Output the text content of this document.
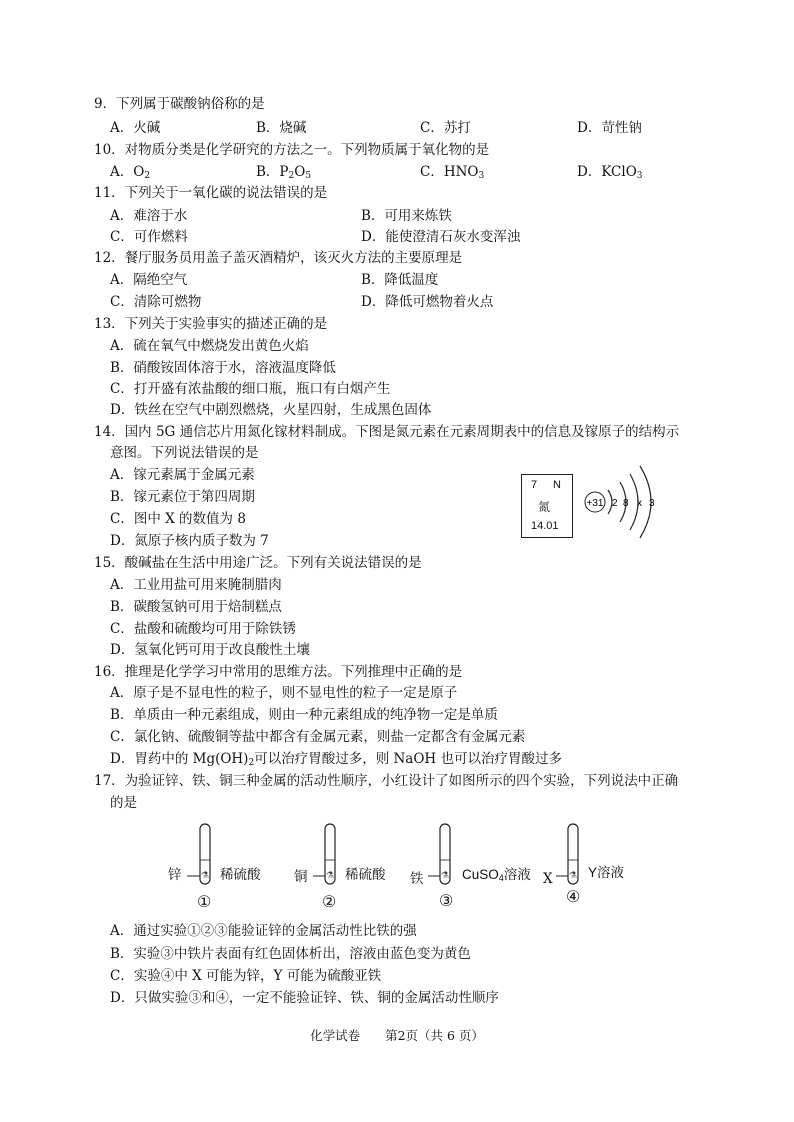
9．下列属于碳酸钠俗称的是
A．火碱	B．烧碱	C．苏打	D．苛性钠
10．对物质分类是化学研究的方法之一。下列物质属于氧化物的是
A．$O_2$	B．$P_2O_5$	C．$HNO_3$	D．KClO$_3$
11．下列关于一氧化碳的说法错误的是
A．难溶于水	B．可用来炼铁
C．可作燃料	D．能使澄清石灰水变浑浊
12．餐厅服务员用盖子盖灭酒精炉，该灭火方法的主要原理是
A．隔绝空气	B．降低温度
C．清除可燃物	D．降低可燃物着火点
13．下列关于实验事实的描述正确的是
A．硫在氧气中燃烧发出黄色火焰
B．硝酸铵固体溶于水，溶液温度降低
C．打开盛有浓盐酸的细口瓶，瓶口有白烟产生
D．铁丝在空气中剧烈燃烧，火星四射，生成黑色固体
14．国内 5G 通信芯片用氮化镓材料制成。下图是氮元素在元素周期表中的信息及镓原子的结构示
意图。下列说法错误的是
A．镓元素属于金属元素
B．镓元素位于第四周期
C．图中 X 的数值为 8
D．氮原子核内质子数为 7
7 N
氮
14.01
+31 2 8 x 3
15．酸碱盐在生活中用途广泛。下列有关说法错误的是
A．工业用盐可用来腌制腊肉
B．碳酸氢钠可用于焙制糕点
C．盐酸和硫酸均可用于除铁锈
D．氢氧化钙可用于改良酸性土壤
16．推理是化学学习中常用的思维方法。下列推理中正确的是
A．原子是不显电性的粒子，则不显电性的粒子一定是原子
B．单质由一种元素组成，则由一种元素组成的纯净物一定是单质
C．氯化钠、硫酸铜等盐中都含有金属元素，则盐一定都含有金属元素
D．胃药中的 $Mg(OH)_2$可以治疗胃酸过多，则 NaOH 也可以治疗胃酸过多
17．为验证锌、铁、铜三种金属的活动性顺序，小红设计了如图所示的四个实验，下列说法中正确
的是
⚗	⚗	⚗	⚗
锌	稀硫酸
①
铜	稀硫酸
②
铁	CuSO$_4$溶液
③
X	Y溶液
④
A．通过实验①②③能验证锌的金属活动性比铁的强
B．实验③中铁片表面有红色固体析出，溶液由蓝色变为黄色
C．实验④中 X 可能为锌，Y 可能为硫酸亚铁
D．只做实验③和④，一定不能验证锌、铁、铜的金属活动性顺序
化学试卷　　第2页（共 6 页）
